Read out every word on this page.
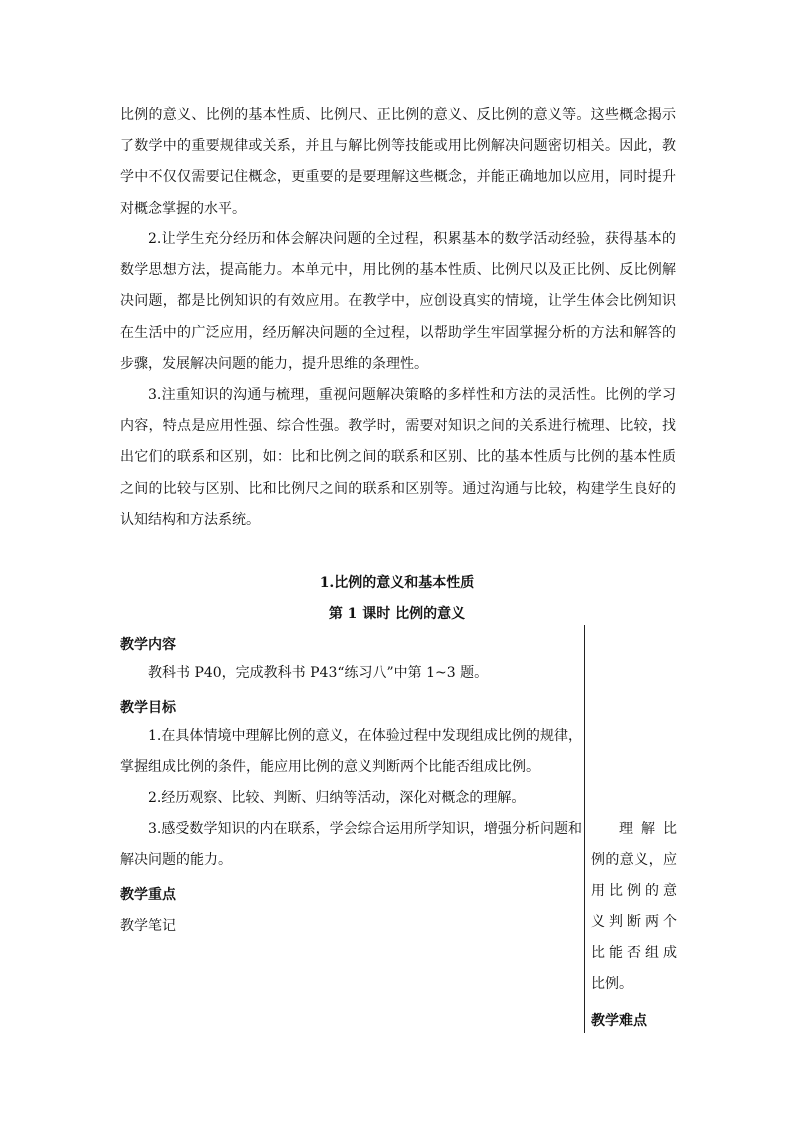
比例的意义、比例的基本性质、比例尺、正比例的意义、反比例的意义等。这些概念揭示了数学中的重要规律或关系，并且与解比例等技能或用比例解决问题密切相关。因此，教学中不仅仅需要记住概念，更重要的是要理解这些概念，并能正确地加以应用，同时提升对概念掌握的水平。

2.让学生充分经历和体会解决问题的全过程，积累基本的数学活动经验，获得基本的数学思想方法，提高能力。本单元中，用比例的基本性质、比例尺以及正比例、反比例解决问题，都是比例知识的有效应用。在教学中，应创设真实的情境，让学生体会比例知识在生活中的广泛应用，经历解决问题的全过程，以帮助学生牢固掌握分析的方法和解答的步骤，发展解决问题的能力，提升思维的条理性。

3.注重知识的沟通与梳理，重视问题解决策略的多样性和方法的灵活性。比例的学习内容，特点是应用性强、综合性强。教学时，需要对知识之间的关系进行梳理、比较，找出它们的联系和区别，如：比和比例之间的联系和区别、比的基本性质与比例的基本性质之间的比较与区别、比和比例尺之间的联系和区别等。通过沟通与比较，构建学生良好的认知结构和方法系统。

1.比例的意义和基本性质

第 1 课时 比例的意义

教学内容

教科书 P40，完成教科书 P43“练习八”中第 1~3 题。

教学目标

1.在具体情境中理解比例的意义，在体验过程中发现组成比例的规律，掌握组成比例的条件，能应用比例的意义判断两个比能否组成比例。

2.经历观察、比较、判断、归纳等活动，深化对概念的理解。

3.感受数学知识的内在联系，学会综合运用所学知识，增强分析问题和解决问题的能力。

教学重点

教学笔记

理 解 比

例的意义，应

用比例的意

义判断两个

比能否组成

比例。

教学难点
